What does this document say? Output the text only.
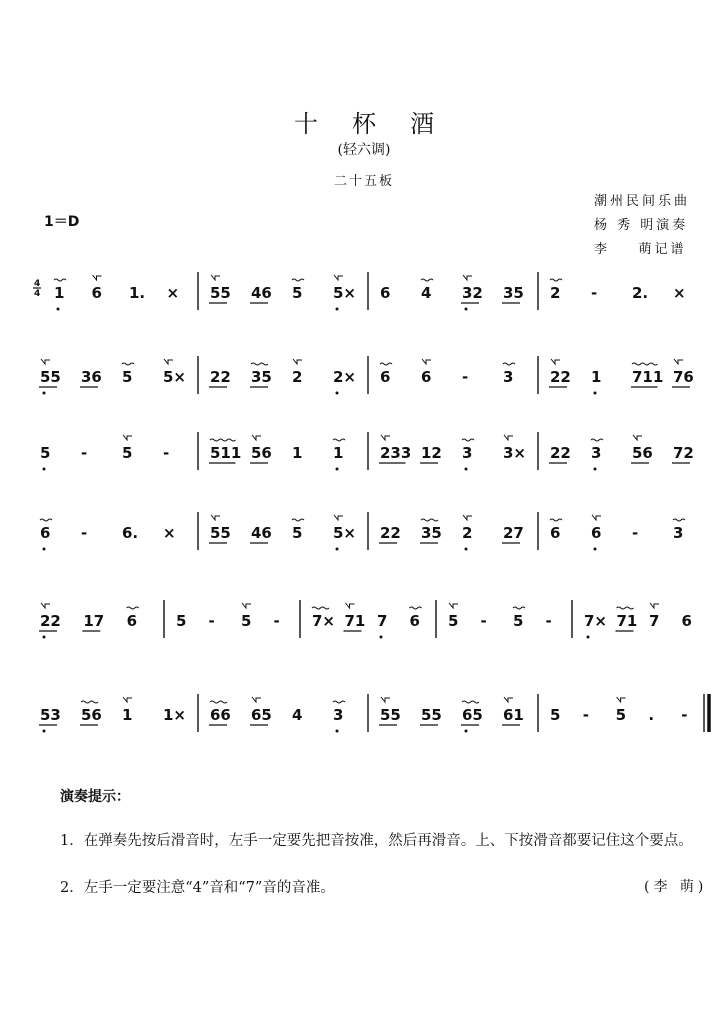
十杯酒
(轻六调)
二十五板
潮州民间乐曲
杨 秀 明演奏
李    萌记谱
1＝D
4
4 1 6 1. × 55 46 5 5× 6 4 32 35 2 - 2. ×
55 36 5 5× 22 35 2 2× 6 6 - 3 22 1 711 76
5 - 5 -	511 56 1 1 233 12 3 3× 22 3 56 72
6 - 6. × 55 46 5 5× 22 35 2 27 6 6 - 3
22 17 6	5 - 5 - 7× 71 7 6 5 - 5 - 7× 71 7 6
53 56 1 1× 66 65 4 3 55 55 65 61 5 - 5 . -
演奏提示：
1．在弹奏先按后滑音时，左手一定要先把音按准，然后再滑音。上、下按滑音都要记住这个要点。
2．左手一定要注意“4”音和“7”音的音准。	(李 萌)
